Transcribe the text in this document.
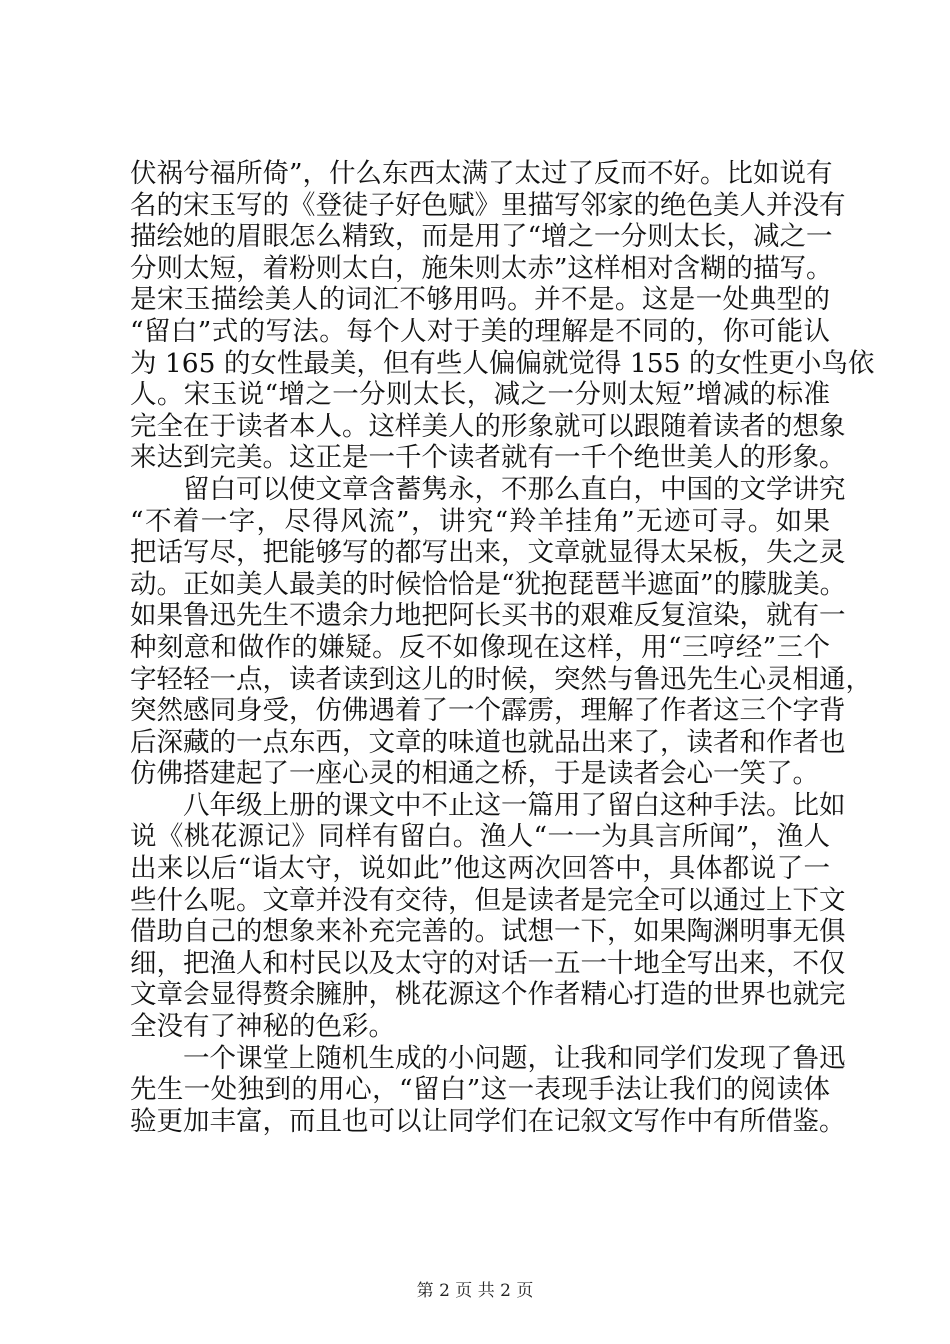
伏祸兮福所倚”，什么东西太满了太过了反而不好。比如说有
名的宋玉写的《登徒子好色赋》里描写邻家的绝色美人并没有
描绘她的眉眼怎么精致，而是用了“增之一分则太长，减之一
分则太短，着粉则太白，施朱则太赤”这样相对含糊的描写。
是宋玉描绘美人的词汇不够用吗。并不是。这是一处典型的
“留白”式的写法。每个人对于美的理解是不同的，你可能认
为 165 的女性最美，但有些人偏偏就觉得 155 的女性更小鸟依
人。宋玉说“增之一分则太长，减之一分则太短”增减的标准
完全在于读者本人。这样美人的形象就可以跟随着读者的想象
来达到完美。这正是一千个读者就有一千个绝世美人的形象。
留白可以使文章含蓄隽永，不那么直白，中国的文学讲究
“不着一字，尽得风流”，讲究“羚羊挂角”无迹可寻。如果
把话写尽，把能够写的都写出来，文章就显得太呆板，失之灵
动。正如美人最美的时候恰恰是“犹抱琵琶半遮面”的朦胧美。
如果鲁迅先生不遗余力地把阿长买书的艰难反复渲染，就有一
种刻意和做作的嫌疑。反不如像现在这样，用“三哼经”三个
字轻轻一点，读者读到这儿的时候，突然与鲁迅先生心灵相通，
突然感同身受，仿佛遇着了一个霹雳，理解了作者这三个字背
后深藏的一点东西，文章的味道也就品出来了，读者和作者也
仿佛搭建起了一座心灵的相通之桥，于是读者会心一笑了。
八年级上册的课文中不止这一篇用了留白这种手法。比如
说《桃花源记》同样有留白。渔人“一一为具言所闻”，渔人
出来以后“诣太守，说如此”他这两次回答中，具体都说了一
些什么呢。文章并没有交待，但是读者是完全可以通过上下文
借助自己的想象来补充完善的。试想一下，如果陶渊明事无俱
细，把渔人和村民以及太守的对话一五一十地全写出来，不仅
文章会显得赘余臃肿，桃花源这个作者精心打造的世界也就完
全没有了神秘的色彩。
一个课堂上随机生成的小问题，让我和同学们发现了鲁迅
先生一处独到的用心，“留白”这一表现手法让我们的阅读体
验更加丰富，而且也可以让同学们在记叙文写作中有所借鉴。
第 2 页 共 2 页
